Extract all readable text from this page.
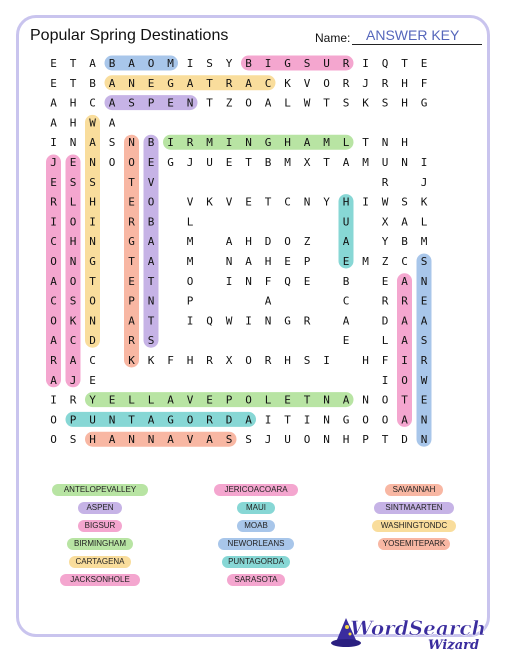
Popular Spring Destinations	Name:	ANSWER KEY
E T A B A O M I S Y B I G S U R I Q T E
E T B A N E G A T R A C K V O R J R H F
A H C A S P E N T Z O A L W T S K S H G
A H W A
I N A S N B I R M I N G H A M L T N H
J E N O O E G J U E T B M X T A M U N I
E S S	T V	R	J
R L H	E O	V K V E T C N Y H I W S K
I O I	R B	L	U	X A L
C H N	G A	M	A H D O Z	A	Y B M
O N G	T A	M	N A H E P	E M Z C S
A O T	E T	O	I N F Q E	B	E A N
C S O	P N	P	A	C	R R E
O K N	A T	I Q W I N G R	A	D A A
A C D	R S	E	L A S
R A C	K K F H R X O R H S I	H F I R
A J E	I O W
I R Y E L L A V E P O L E T N A N O T E
O P U N T A G O R D A I T I N G O O A N
O S H A N N A V A S S J U O N H P T D N
ANTELOPEVALLEY
ASPEN
BIGSUR
BIRMINGHAM
CARTAGENA
JACKSONHOLE
JERICOACOARA
MAUI
MOAB
NEWORLEANS
PUNTAGORDA
SARASOTA
SAVANNAH
SINTMAARTEN
WASHINGTONDC
YOSEMITEPARK
WordSearch
Wizard
